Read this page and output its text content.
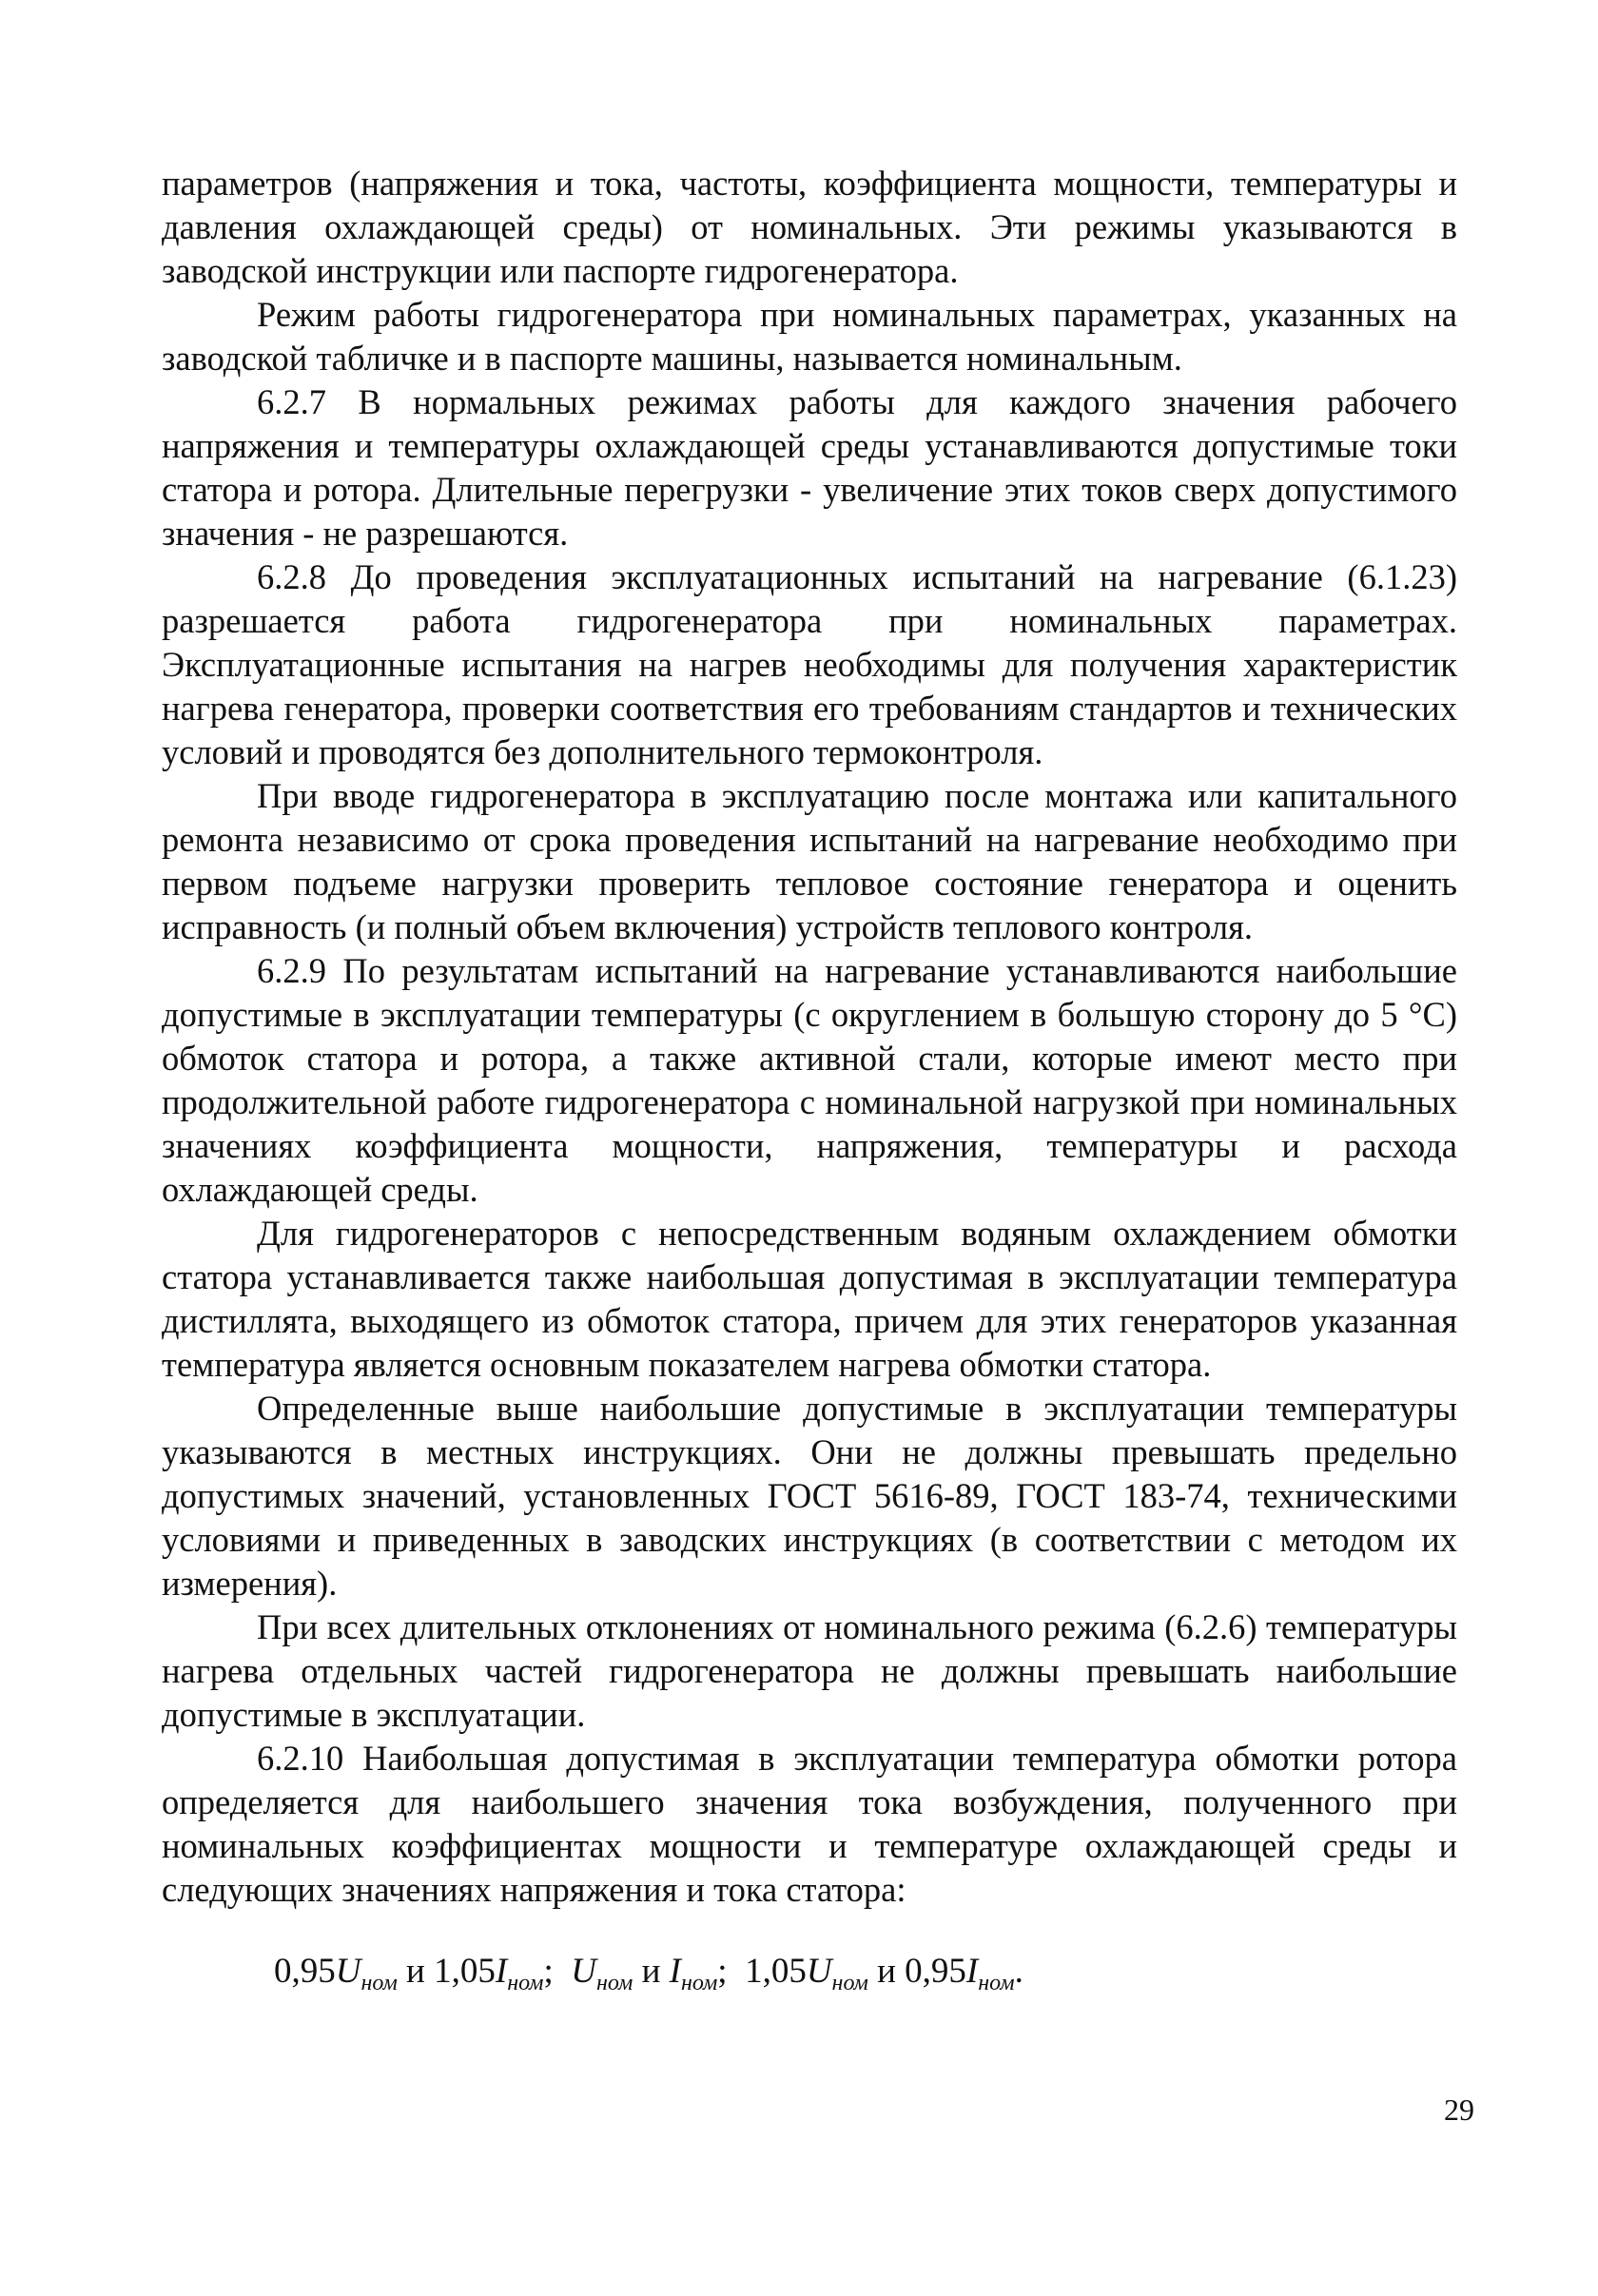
параметров (напряжения и тока, частоты, коэффициента мощности, температуры и давления охлаждающей среды) от номинальных. Эти режимы указываются в заводской инструкции или паспорте гидрогенератора.

Режим работы гидрогенератора при номинальных параметрах, указанных на заводской табличке и в паспорте машины, называется номинальным.

6.2.7 В нормальных режимах работы для каждого значения рабочего напряжения и температуры охлаждающей среды устанавливаются допустимые токи статора и ротора. Длительные перегрузки - увеличение этих токов сверх допустимого значения - не разрешаются.

6.2.8 До проведения эксплуатационных испытаний на нагревание (6.1.23) разрешается работа гидрогенератора при номинальных параметрах. Эксплуатационные испытания на нагрев необходимы для получения характеристик нагрева генератора, проверки соответствия его требованиям стандартов и технических условий и проводятся без дополнительного термоконтроля.

При вводе гидрогенератора в эксплуатацию после монтажа или капитального ремонта независимо от срока проведения испытаний на нагревание необходимо при первом подъеме нагрузки проверить тепловое состояние генератора и оценить исправность (и полный объем включения) устройств теплового контроля.

6.2.9 По результатам испытаний на нагревание устанавливаются наибольшие допустимые в эксплуатации температуры (с округлением в большую сторону до 5 °С) обмоток статора и ротора, а также активной стали, которые имеют место при продолжительной работе гидрогенератора с номинальной нагрузкой при номинальных значениях коэффициента мощности, напряжения, температуры и расхода охлаждающей среды.

Для гидрогенераторов с непосредственным водяным охлаждением обмотки статора устанавливается также наибольшая допустимая в эксплуатации температура дистиллята, выходящего из обмоток статора, причем для этих генераторов указанная температура является основным показателем нагрева обмотки статора.

Определенные выше наибольшие допустимые в эксплуатации температуры указываются в местных инструкциях. Они не должны превышать предельно допустимых значений, установленных ГОСТ 5616-89, ГОСТ 183-74, техническими условиями и приведенных в заводских инструкциях (в соответствии с методом их измерения).

При всех длительных отклонениях от номинального режима (6.2.6) температуры нагрева отдельных частей гидрогенератора не должны превышать наибольшие допустимые в эксплуатации.

6.2.10 Наибольшая допустимая в эксплуатации температура обмотки ротора определяется для наибольшего значения тока возбуждения, полученного при номинальных коэффициентах мощности и температуре охлаждающей среды и следующих значениях напряжения и тока статора:

$0,95U_{ном}$ и $1,05I_{ном}$; $U_{ном}$ и $I_{ном}$; $1,05U_{ном}$ и $0,95I_{ном}$.
29
